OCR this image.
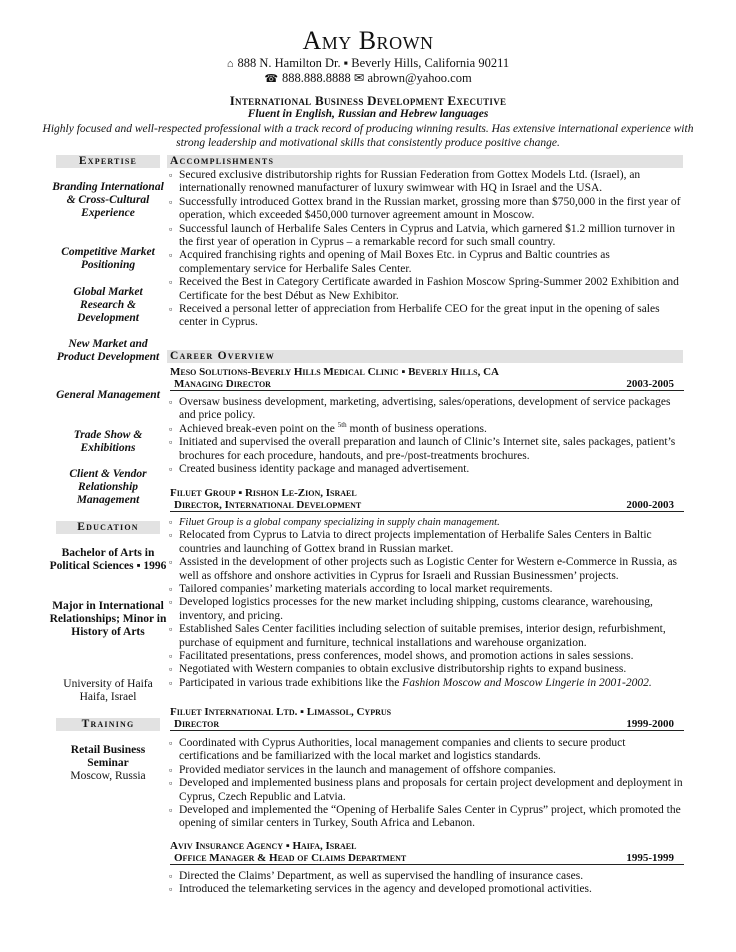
Amy Brown
⌂ 888 N. Hamilton Dr. ▪ Beverly Hills, California 90211
☎ 888.888.8888 ✉ abrown@yahoo.com
International Business Development Executive
Fluent in English, Russian and Hebrew languages
Highly focused and well-respected professional with a track record of producing winning results. Has extensive international experience with strong leadership and motivational skills that consistently produce positive change.
Expertise
Branding International & Cross-Cultural Experience
Competitive Market Positioning
Global Market Research & Development
New Market and Product Development
General Management
Trade Show & Exhibitions
Client & Vendor Relationship Management
Education
Bachelor of Arts in Political Sciences ▪ 1996
Major in International Relationships; Minor in History of Arts
University of Haifa Haifa, Israel
Training
Retail Business Seminar
Moscow, Russia
Accomplishments
▫ Secured exclusive distributorship rights for Russian Federation from Gottex Models Ltd. (Israel), an internationally renowned manufacturer of luxury swimwear with HQ in Israel and the USA.
▫ Successfully introduced Gottex brand in the Russian market, grossing more than $750,000 in the first year of operation, which exceeded $450,000 turnover agreement amount in Moscow.
▫ Successful launch of Herbalife Sales Centers in Cyprus and Latvia, which garnered $1.2 million turnover in the first year of operation in Cyprus – a remarkable record for such small country.
▫ Acquired franchising rights and opening of Mail Boxes Etc. in Cyprus and Baltic countries as complementary service for Herbalife Sales Center.
▫ Received the Best in Category Certificate awarded in Fashion Moscow Spring-Summer 2002 Exhibition and Certificate for the best Début as New Exhibitor.
▫ Received a personal letter of appreciation from Herbalife CEO for the great input in the opening of sales center in Cyprus.
Career Overview
Meso Solutions-Beverly Hills Medical Clinic ▪ Beverly Hills, CA
Managing Director	2003-2005
▫ Oversaw business development, marketing, advertising, sales/operations, development of service packages and price policy.
▫ Achieved break-even point on the $^{5th}$ month of business operations.
▫ Initiated and supervised the overall preparation and launch of Clinic’s Internet site, sales packages, patient’s brochures for each procedure, handouts, and pre-/post-treatments brochures.
▫ Created business identity package and managed advertisement.
Filuet Group ▪ Rishon Le-Zion, Israel
Director, International Development	2000-2003
▫ Filuet Group is a global company specializing in supply chain management.
▫ Relocated from Cyprus to Latvia to direct projects implementation of Herbalife Sales Centers in Baltic countries and launching of Gottex brand in Russian market.
▫ Assisted in the development of other projects such as Logistic Center for Western e-Commerce in Russia, as well as offshore and onshore activities in Cyprus for Israeli and Russian Businessmen’ projects.
▫ Tailored companies’ marketing materials according to local market requirements.
▫ Developed logistics processes for the new market including shipping, customs clearance, warehousing, inventory, and pricing.
▫ Established Sales Center facilities including selection of suitable premises, interior design, refurbishment, purchase of equipment and furniture, technical installations and warehouse organization.
▫ Facilitated presentations, press conferences, model shows, and promotion actions in sales sessions.
▫ Negotiated with Western companies to obtain exclusive distributorship rights to expand business.
▫ Participated in various trade exhibitions like the Fashion Moscow and Moscow Lingerie in 2001-2002.
Filuet International Ltd. ▪ Limassol, Cyprus
Director	1999-2000
▫ Coordinated with Cyprus Authorities, local management companies and clients to secure product certifications and be familiarized with the local market and logistics standards.
▫ Provided mediator services in the launch and management of offshore companies.
▫ Developed and implemented business plans and proposals for certain project development and deployment in Cyprus, Czech Republic and Latvia.
▫ Developed and implemented the “Opening of Herbalife Sales Center in Cyprus” project, which promoted the opening of similar centers in Turkey, South Africa and Lebanon.
Aviv Insurance Agency ▪ Haifa, Israel
Office Manager & Head of Claims Department	1995-1999
▫ Directed the Claims’ Department, as well as supervised the handling of insurance cases.
▫ Introduced the telemarketing services in the agency and developed promotional activities.
